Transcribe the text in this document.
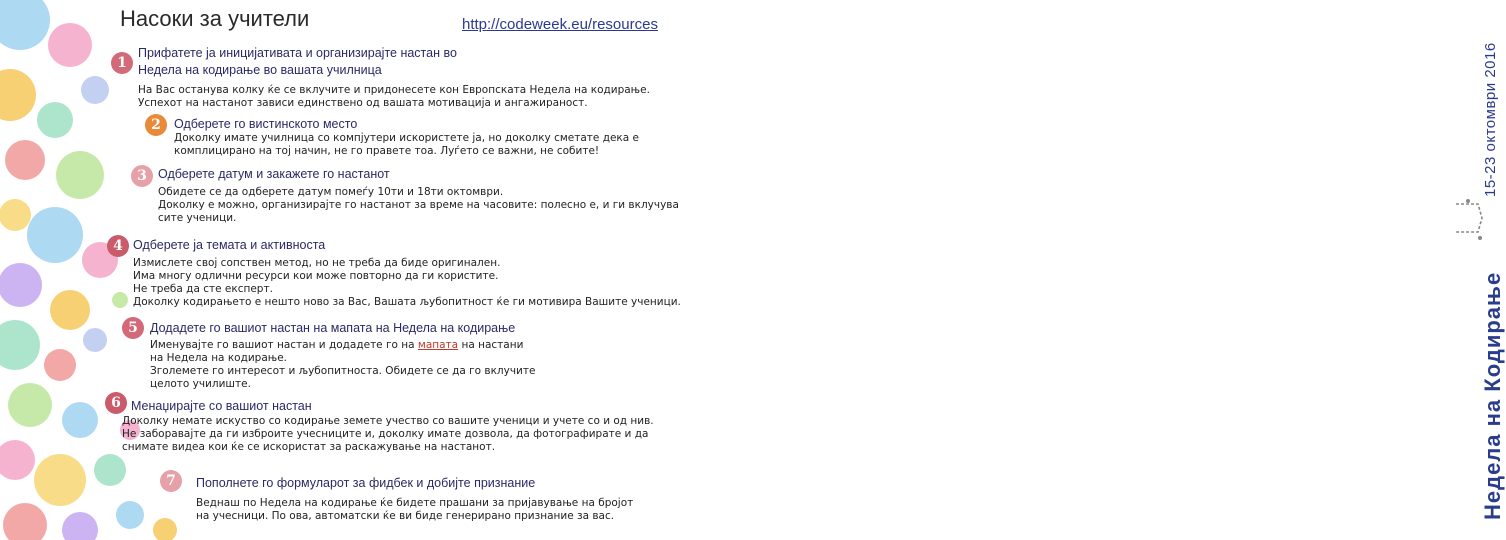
Насоки за учители	http://codeweek.eu/resources
15-23 октомври 2016
Недела на Кодирање
1
Прифатете ја иницијативата и организирајте настан во
Недела на кодирање во вашата училница
На Вас останува колку ќе се вклучите и придонесете кон Европската Недела на кодирање.
Успехот на настанот зависи единствено од вашата мотивација и ангажираност.
2	Одберете го вистинското место
Доколку имате училница со компјутери искористете ја, но доколку сметате дека е
комплицирано на тој начин, не го правете тоа. Луѓето се важни, не собите!
3 Одберете датум и закажете го настанот
Обидете се да одберете датум помеѓу 10ти и 18ти октомври.
Доколку е можно, организирајте го настанот за време на часовите: полесно е, и ги вклучува
сите ученици.
4 Одберете ја темата и активноста
Измислете свој сопствен метод, но не треба да биде оригинален.
Има многу одлични ресурси кои може повторно да ги користите.
Не треба да сте експерт.
Доколку кодирањето е нешто ново за Вас, Вашата љубопитност ќе ги мотивира Вашите ученици.
5 Додадете го вашиот настан на мапата на Недела на кодирање
Именувајте го вашиот настан и додадете го на мапата на настани
на Недела на кодирање.
Зголемете го интересот и љубопитноста. Обидете се да го вклучите
целото училиште.
6 Менаџирајте со вашиот настан
Доколку немате искуство со кодирање земете учество со вашите ученици и учете со и од нив.
Не заборавајте да ги изброите учесниците и, доколку имате дозвола, да фотографирате и да
снимате видеа кои ќе се искористат за раскажување на настанот.
7	Пополнете го формуларот за фидбек и добијте признание
Веднаш по Недела на кодирање ќе бидете прашани за пријавување на бројот
на учесници. По ова, автоматски ќе ви биде генерирано признание за вас.
